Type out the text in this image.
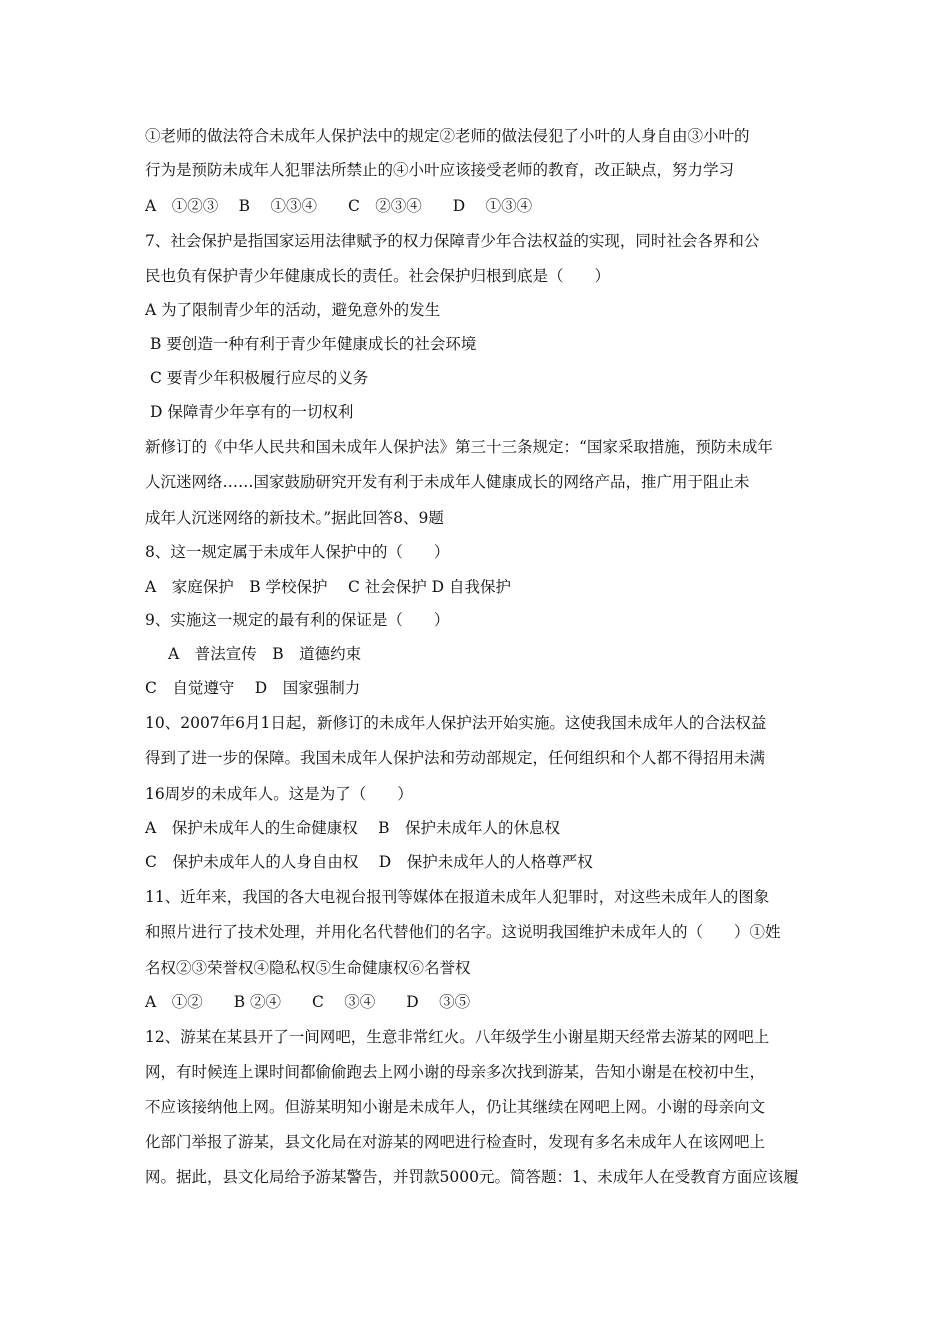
①老师的做法符合未成年人保护法中的规定②老师的做法侵犯了小叶的人身自由③小叶的
行为是预防未成年人犯罪法所禁止的④小叶应该接受老师的教育，改正缺点，努力学习
A　①②③　 B　 ①③④　　C　②③④　　D　 ①③④
7、社会保护是指国家运用法律赋予的权力保障青少年合法权益的实现，同时社会各界和公
民也负有保护青少年健康成长的责任。社会保护归根到底是（　　）
A 为了限制青少年的活动，避免意外的发生
B 要创造一种有利于青少年健康成长的社会环境
C 要青少年积极履行应尽的义务
D 保障青少年享有的一切权利
新修订的《中华人民共和国未成年人保护法》第三十三条规定：“国家采取措施，预防未成年
人沉迷网络……国家鼓励研究开发有利于未成年人健康成长的网络产品，推广用于阻止未
成年人沉迷网络的新技术。”据此回答8、9题
8、这一规定属于未成年人保护中的（　　）
A　家庭保护　B 学校保护　 C 社会保护 D 自我保护
9、实施这一规定的最有利的保证是（　　）
A　普法宣传　B　道德约束
C　自觉遵守　 D　国家强制力
10、2007年6月1日起，新修订的未成年人保护法开始实施。这使我国未成年人的合法权益
得到了进一步的保障。我国未成年人保护法和劳动部规定，任何组织和个人都不得招用未满
16周岁的未成年人。这是为了（　　）
A　保护未成年人的生命健康权　 B　保护未成年人的休息权
C　保护未成年人的人身自由权　 D　保护未成年人的人格尊严权
11、近年来，我国的各大电视台报刊等媒体在报道未成年人犯罪时，对这些未成年人的图象
和照片进行了技术处理，并用化名代替他们的名字。这说明我国维护未成年人的（　　）①姓
名权②③荣誉权④隐私权⑤生命健康权⑥名誉权
A　①②　　B ②④　　C　 ③④　　D　 ③⑤
12、游某在某县开了一间网吧，生意非常红火。八年级学生小谢星期天经常去游某的网吧上
网，有时候连上课时间都偷偷跑去上网小谢的母亲多次找到游某，告知小谢是在校初中生，
不应该接纳他上网。但游某明知小谢是未成年人，仍让其继续在网吧上网。小谢的母亲向文
化部门举报了游某，县文化局在对游某的网吧进行检查时，发现有多名未成年人在该网吧上
网。据此，县文化局给予游某警告，并罚款5000元。简答题：1、未成年人在受教育方面应该履
